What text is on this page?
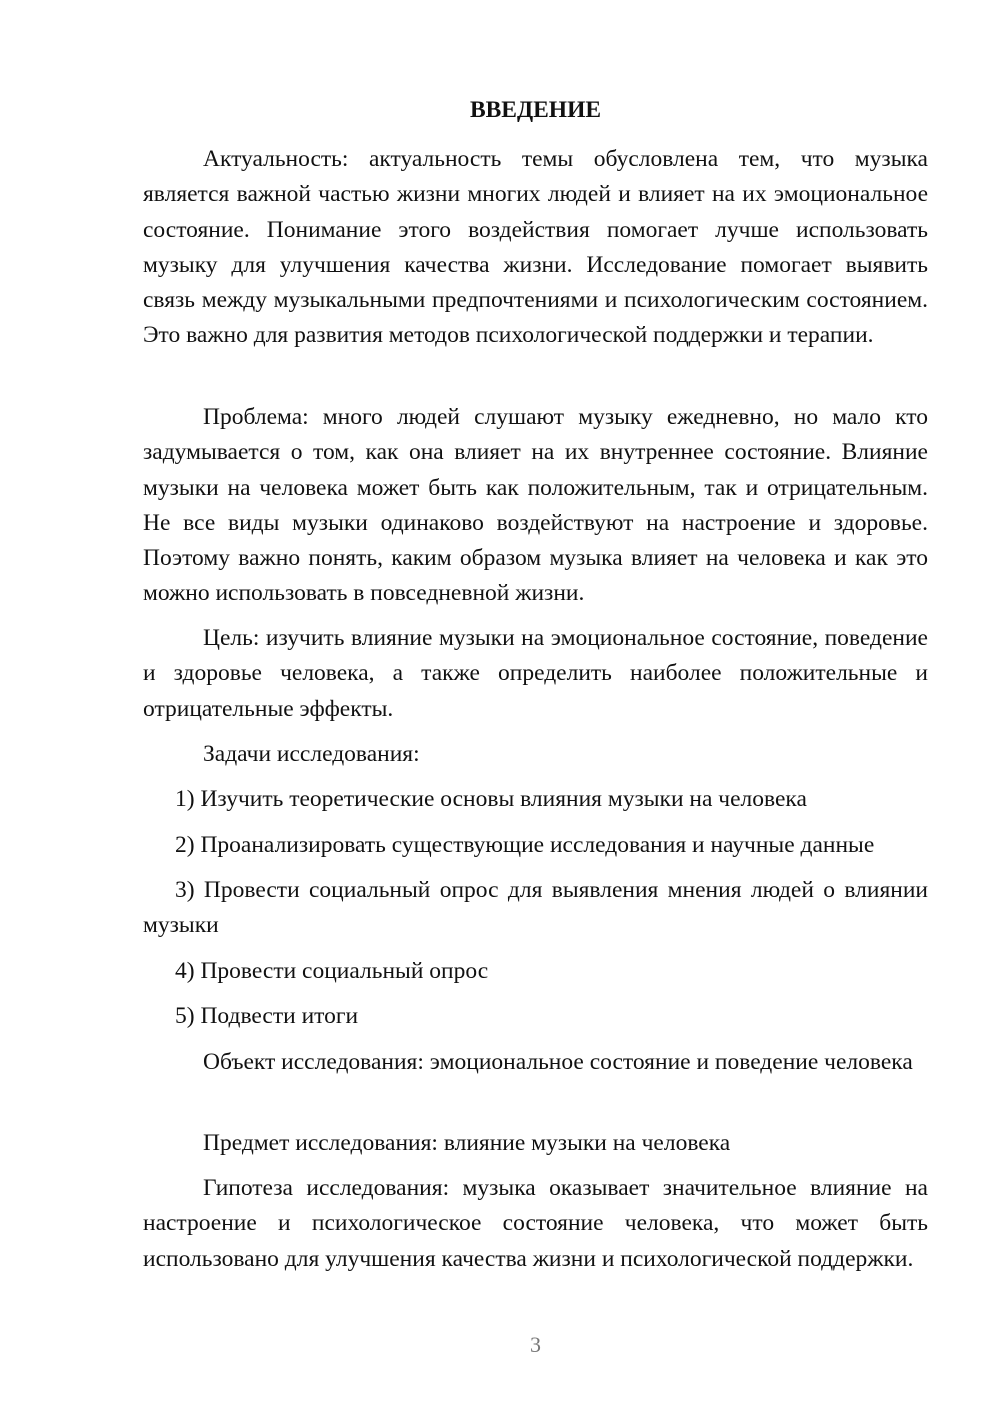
ВВЕДЕНИЕ

Актуальность: актуальность темы обусловлена тем, что музыка является важной частью жизни многих людей и влияет на их эмоциональное состояние. Понимание этого воздействия помогает лучше использовать музыку для улучшения качества жизни. Исследование помогает выявить связь между музыкальными предпочтениями и психологическим состоянием. Это важно для развития методов психологической поддержки и терапии.

Проблема: много людей слушают музыку ежедневно, но мало кто задумывается о том, как она влияет на их внутреннее состояние. Влияние музыки на человека может быть как положительным, так и отрицательным. Не все виды музыки одинаково воздействуют на настроение и здоровье. Поэтому важно понять, каким образом музыка влияет на человека и как это можно использовать в повседневной жизни.

Цель: изучить влияние музыки на эмоциональное состояние, поведение и здоровье человека, а также определить наиболее положительные и отрицательные эффекты.

Задачи исследования:

1) Изучить теоретические основы влияния музыки на человека

2) Проанализировать существующие исследования и научные данные

3) Провести социальный опрос для выявления мнения людей о влиянии музыки

4) Провести социальный опрос

5) Подвести итоги

Объект исследования: эмоциональное состояние и поведение человека

Предмет исследования: влияние музыки на человека

Гипотеза исследования: музыка оказывает значительное влияние на настроение и психологическое состояние человека, что может быть использовано для улучшения качества жизни и психологической поддержки.

3
